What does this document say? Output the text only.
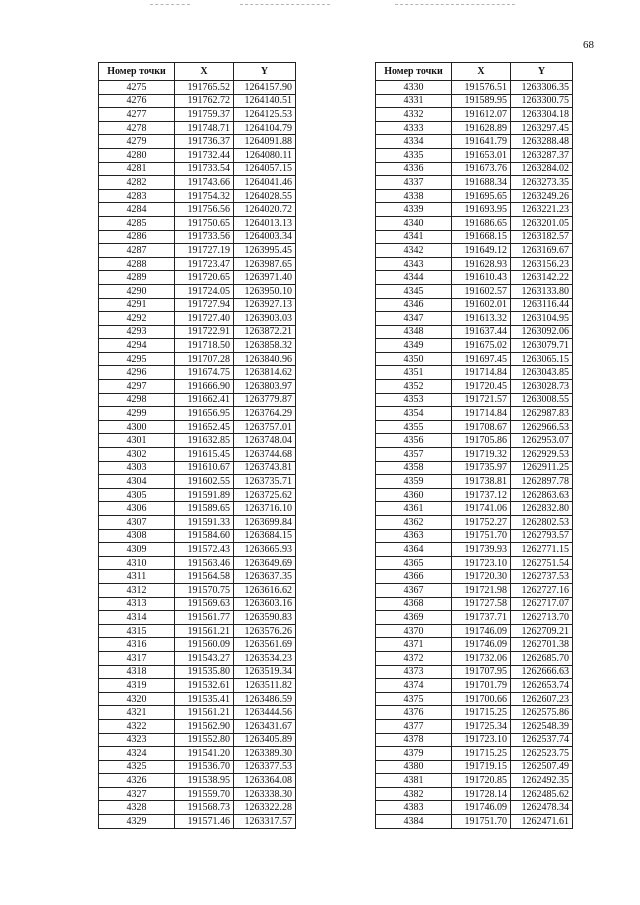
68
Номер точки	X	Y
4275	191765.52	1264157.90
4276	191762.72	1264140.51
4277	191759.37	1264125.53
4278	191748.71	1264104.79
4279	191736.37	1264091.88
4280	191732.44	1264080.11
4281	191733.54	1264057.15
4282	191743.66	1264041.46
4283	191754.32	1264028.55
4284	191756.56	1264020.72
4285	191750.65	1264013.13
4286	191733.56	1264003.34
4287	191727.19	1263995.45
4288	191723.47	1263987.65
4289	191720.65	1263971.40
4290	191724.05	1263950.10
4291	191727.94	1263927.13
4292	191727.40	1263903.03
4293	191722.91	1263872.21
4294	191718.50	1263858.32
4295	191707.28	1263840.96
4296	191674.75	1263814.62
4297	191666.90	1263803.97
4298	191662.41	1263779.87
4299	191656.95	1263764.29
4300	191652.45	1263757.01
4301	191632.85	1263748.04
4302	191615.45	1263744.68
4303	191610.67	1263743.81
4304	191602.55	1263735.71
4305	191591.89	1263725.62
4306	191589.65	1263716.10
4307	191591.33	1263699.84
4308	191584.60	1263684.15
4309	191572.43	1263665.93
4310	191563.46	1263649.69
4311	191564.58	1263637.35
4312	191570.75	1263616.62
4313	191569.63	1263603.16
4314	191561.77	1263590.83
4315	191561.21	1263576.26
4316	191560.09	1263561.69
4317	191543.27	1263534.23
4318	191535.80	1263519.34
4319	191532.61	1263511.82
4320	191535.41	1263486.59
4321	191561.21	1263444.56
4322	191562.90	1263431.67
4323	191552.80	1263405.89
4324	191541.20	1263389.30
4325	191536.70	1263377.53
4326	191538.95	1263364.08
4327	191559.70	1263338.30
4328	191568.73	1263322.28
4329	191571.46	1263317.57
Номер точки	X	Y
4330	191576.51	1263306.35
4331	191589.95	1263300.75
4332	191612.07	1263304.18
4333	191628.89	1263297.45
4334	191641.79	1263288.48
4335	191653.01	1263287.37
4336	191673.76	1263284.02
4337	191688.34	1263273.35
4338	191695.65	1263249.26
4339	191693.95	1263221.23
4340	191686.65	1263201.05
4341	191668.15	1263182.57
4342	191649.12	1263169.67
4343	191628.93	1263156.23
4344	191610.43	1263142.22
4345	191602.57	1263133.80
4346	191602.01	1263116.44
4347	191613.32	1263104.95
4348	191637.44	1263092.06
4349	191675.02	1263079.71
4350	191697.45	1263065.15
4351	191714.84	1263043.85
4352	191720.45	1263028.73
4353	191721.57	1263008.55
4354	191714.84	1262987.83
4355	191708.67	1262966.53
4356	191705.86	1262953.07
4357	191719.32	1262929.53
4358	191735.97	1262911.25
4359	191738.81	1262897.78
4360	191737.12	1262863.63
4361	191741.06	1262832.80
4362	191752.27	1262802.53
4363	191751.70	1262793.57
4364	191739.93	1262771.15
4365	191723.10	1262751.54
4366	191720.30	1262737.53
4367	191721.98	1262727.16
4368	191727.58	1262717.07
4369	191737.71	1262713.70
4370	191746.09	1262709.21
4371	191746.09	1262701.38
4372	191732.06	1262685.70
4373	191707.95	1262666.63
4374	191701.79	1262653.74
4375	191700.66	1262607.23
4376	191715.25	1262575.86
4377	191725.34	1262548.39
4378	191723.10	1262537.74
4379	191715.25	1262523.75
4380	191719.15	1262507.49
4381	191720.85	1262492.35
4382	191728.14	1262485.62
4383	191746.09	1262478.34
4384	191751.70	1262471.61
